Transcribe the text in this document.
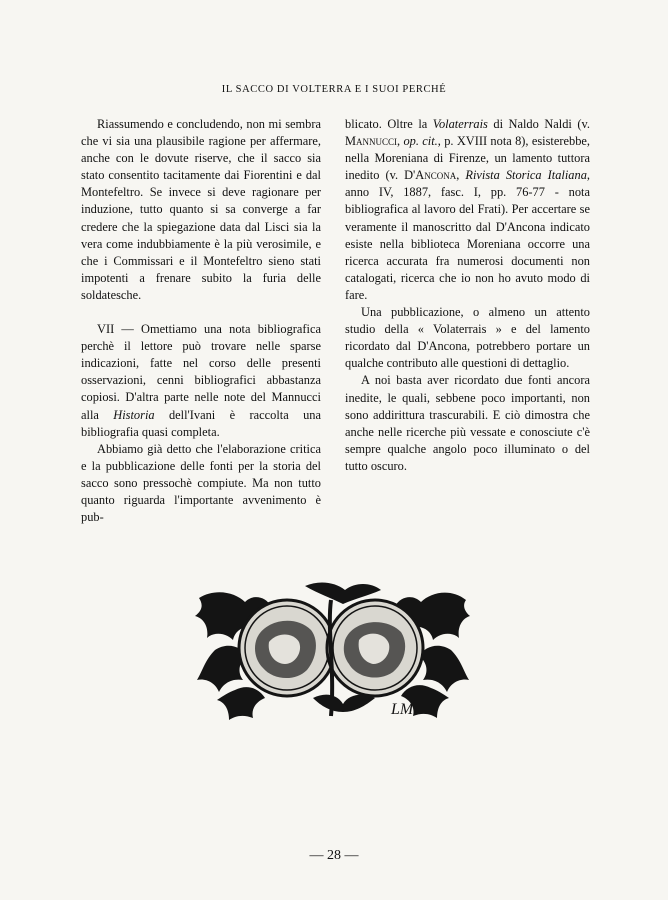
IL SACCO DI VOLTERRA E I SUOI PERCHÉ

Riassumendo e concludendo, non mi sembra che vi sia una plausibile ragione per affermare, anche con le dovute riserve, che il sacco sia stato consentito tacitamente dai Fiorentini e dal Montefeltro. Se invece si deve ragionare per induzione, tutto quanto si sa converge a far credere che la spiegazione data dal Lisci sia la vera come indubbiamente è la più verosimile, e che i Commissari e il Montefeltro sieno stati impotenti a frenare subito la furia delle soldatesche.

VII — Omettiamo una nota bibliografica perchè il lettore può trovare nelle sparse indicazioni, fatte nel corso delle presenti osservazioni, cenni bibliografici abbastanza copiosi. D'altra parte nelle note del Mannucci alla Historia dell'Ivani è raccolta una bibliografia quasi completa.

Abbiamo già detto che l'elaborazione critica e la pubblicazione delle fonti per la storia del sacco sono pressochè compiute. Ma non tutto quanto riguarda l'importante avvenimento è pub-

blicato. Oltre la Volaterrais di Naldo Naldi (v. Mannucci, op. cit., p. XVIII nota 8), esisterebbe, nella Moreniana di Firenze, un lamento tuttora inedito (v. D'Ancona, Rivista Storica Italiana, anno IV, 1887, fasc. I, pp. 76-77 - nota bibliografica al lavoro del Frati). Per accertare se veramente il manoscritto dal D'Ancona indicato esiste nella biblioteca Moreniana occorre una ricerca accurata fra numerosi documenti non catalogati, ricerca che io non ho avuto modo di fare.

Una pubblicazione, o almeno un attento studio della « Volaterrais » e del lamento ricordato dal D'Ancona, potrebbero portare un qualche contributo alle questioni di dettaglio.

A noi basta aver ricordato due fonti ancora inedite, le quali, sebbene poco importanti, non sono addirittura trascurabili. E ciò dimostra che anche nelle ricerche più vessate e conosciute c'è sempre qualche angolo poco illuminato o del tutto oscuro.

LM
— 28 —
